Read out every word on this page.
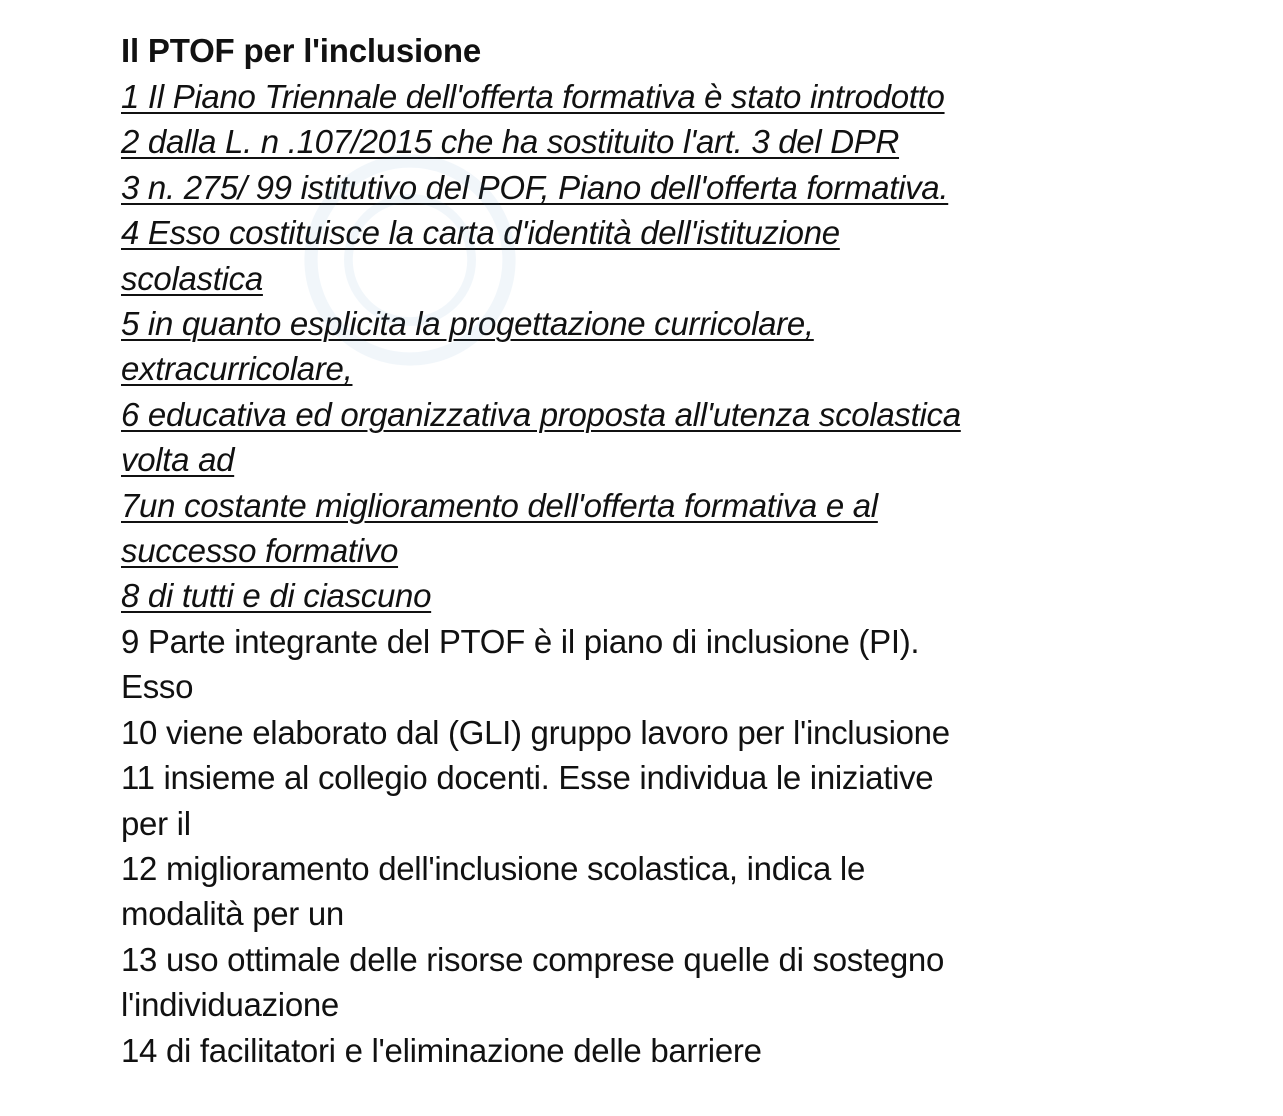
Il PTOF per l'inclusione
1 Il Piano Triennale dell'offerta formativa è stato introdotto
2 dalla L. n .107/2015 che ha sostituito l'art. 3 del DPR
3 n. 275/ 99 istitutivo del POF, Piano dell'offerta formativa.
4 Esso costituisce la carta d'identità dell'istituzione
scolastica
5 in quanto esplicita la progettazione curricolare,
extracurricolare,
6 educativa ed organizzativa proposta all'utenza scolastica
volta ad
7un costante miglioramento dell'offerta formativa e al
successo formativo
8 di tutti e di ciascuno
9 Parte integrante del PTOF è il piano di inclusione (PI).
Esso
10 viene elaborato dal (GLI) gruppo lavoro per l'inclusione
11 insieme al collegio docenti. Esse individua le iniziative
per il
12 miglioramento dell'inclusione scolastica, indica le
modalità per un
13 uso ottimale delle risorse comprese quelle di sostegno
l'individuazione
14 di facilitatori e l'eliminazione delle barriere
